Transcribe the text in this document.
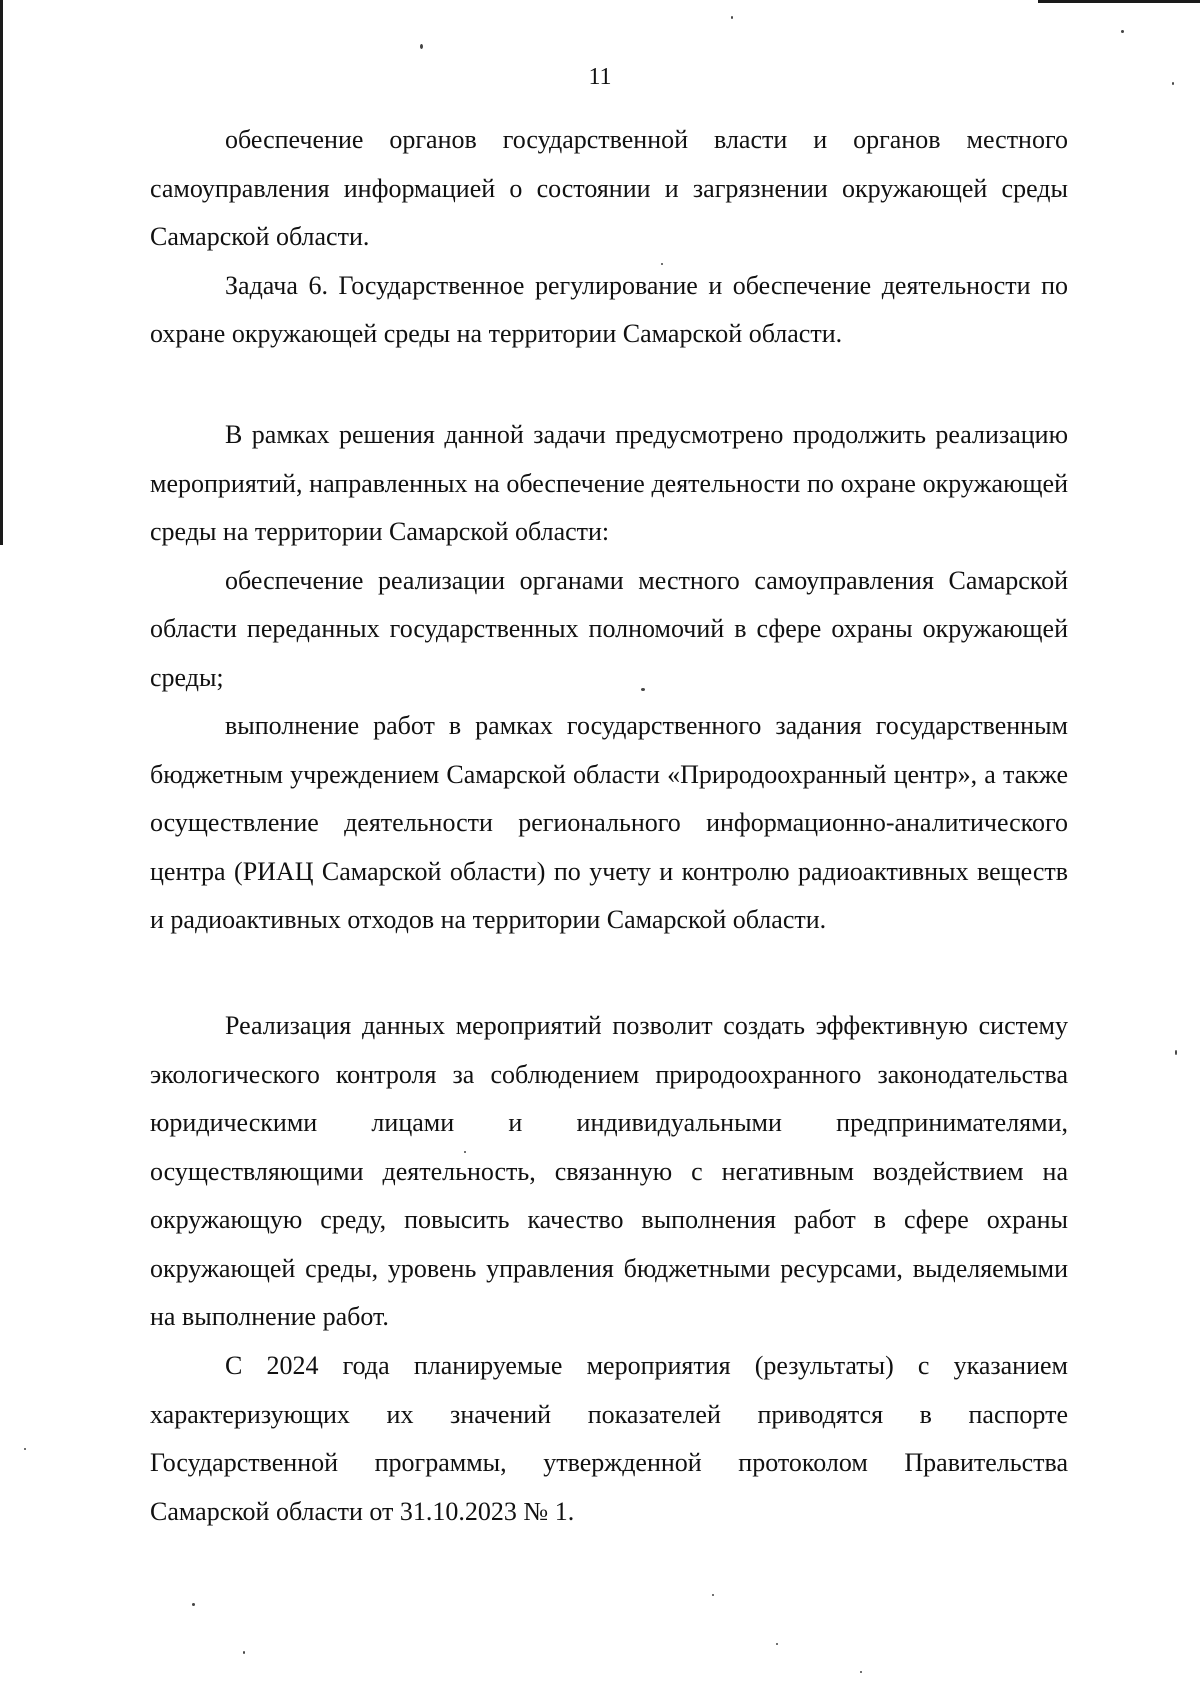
11

обеспечение органов государственной власти и органов местного самоуправления информацией о состоянии и загрязнении окружающей среды Самарской области.

Задача 6. Государственное регулирование и обеспечение деятельности по охране окружающей среды на территории Самарской области.

В рамках решения данной задачи предусмотрено продолжить реализацию мероприятий, направленных на обеспечение деятельности по охране окружающей среды на территории Самарской области:

обеспечение реализации органами местного самоуправления Самарской области переданных государственных полномочий в сфере охраны окружающей среды;

выполнение работ в рамках государственного задания государственным бюджетным учреждением Самарской области «Природоохранный центр», а также осуществление деятельности регионального информационно-аналитического центра (РИАЦ Самарской области) по учету и контролю радиоактивных веществ и радиоактивных отходов на территории Самарской области.

Реализация данных мероприятий позволит создать эффективную систему экологического контроля за соблюдением природоохранного законодательства юридическими лицами и индивидуальными предпринимателями, осуществляющими деятельность, связанную с негативным воздействием на окружающую среду, повысить качество выполнения работ в сфере охраны окружающей среды, уровень управления бюджетными ресурсами, выделяемыми на выполнение работ.

С 2024 года планируемые мероприятия (результаты) с указанием характеризующих их значений показателей приводятся в паспорте Государственной программы, утвержденной протоколом Правительства Самарской области от 31.10.2023 № 1.
